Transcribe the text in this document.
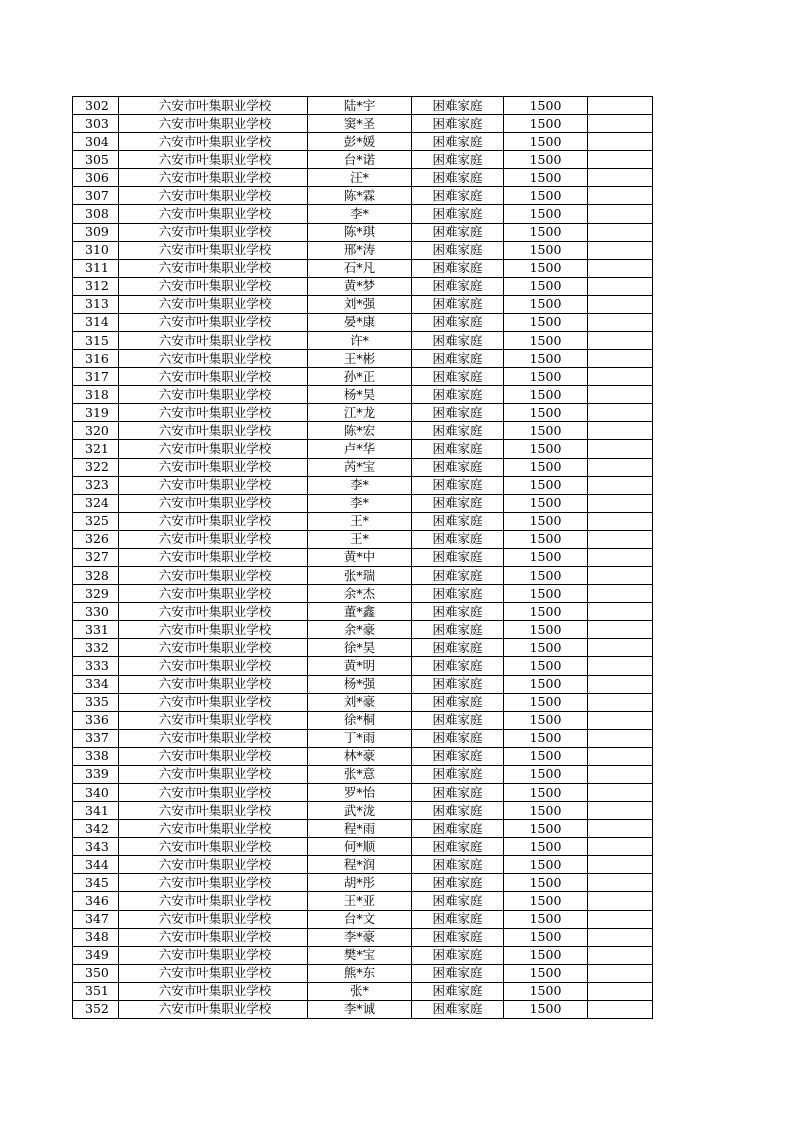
302	六安市叶集职业学校	陆*宇	困难家庭	1500	
303	六安市叶集职业学校	窦*圣	困难家庭	1500	
304	六安市叶集职业学校	彭*媛	困难家庭	1500	
305	六安市叶集职业学校	台*诺	困难家庭	1500	
306	六安市叶集职业学校	汪*	困难家庭	1500	
307	六安市叶集职业学校	陈*霖	困难家庭	1500	
308	六安市叶集职业学校	李*	困难家庭	1500	
309	六安市叶集职业学校	陈*琪	困难家庭	1500	
310	六安市叶集职业学校	邢*涛	困难家庭	1500	
311	六安市叶集职业学校	石*凡	困难家庭	1500	
312	六安市叶集职业学校	黄*梦	困难家庭	1500	
313	六安市叶集职业学校	刘*强	困难家庭	1500	
314	六安市叶集职业学校	晏*康	困难家庭	1500	
315	六安市叶集职业学校	许*	困难家庭	1500	
316	六安市叶集职业学校	王*彬	困难家庭	1500	
317	六安市叶集职业学校	孙*正	困难家庭	1500	
318	六安市叶集职业学校	杨*昊	困难家庭	1500	
319	六安市叶集职业学校	江*龙	困难家庭	1500	
320	六安市叶集职业学校	陈*宏	困难家庭	1500	
321	六安市叶集职业学校	卢*华	困难家庭	1500	
322	六安市叶集职业学校	芮*宝	困难家庭	1500	
323	六安市叶集职业学校	李*	困难家庭	1500	
324	六安市叶集职业学校	李*	困难家庭	1500	
325	六安市叶集职业学校	王*	困难家庭	1500	
326	六安市叶集职业学校	王*	困难家庭	1500	
327	六安市叶集职业学校	黄*中	困难家庭	1500	
328	六安市叶集职业学校	张*瑞	困难家庭	1500	
329	六安市叶集职业学校	余*杰	困难家庭	1500	
330	六安市叶集职业学校	董*鑫	困难家庭	1500	
331	六安市叶集职业学校	余*豪	困难家庭	1500	
332	六安市叶集职业学校	徐*昊	困难家庭	1500	
333	六安市叶集职业学校	黄*明	困难家庭	1500	
334	六安市叶集职业学校	杨*强	困难家庭	1500	
335	六安市叶集职业学校	刘*豪	困难家庭	1500	
336	六安市叶集职业学校	徐*桐	困难家庭	1500	
337	六安市叶集职业学校	丁*雨	困难家庭	1500	
338	六安市叶集职业学校	林*豪	困难家庭	1500	
339	六安市叶集职业学校	张*意	困难家庭	1500	
340	六安市叶集职业学校	罗*怡	困难家庭	1500	
341	六安市叶集职业学校	武*泷	困难家庭	1500	
342	六安市叶集职业学校	程*雨	困难家庭	1500	
343	六安市叶集职业学校	何*顺	困难家庭	1500	
344	六安市叶集职业学校	程*润	困难家庭	1500	
345	六安市叶集职业学校	胡*彤	困难家庭	1500	
346	六安市叶集职业学校	王*亚	困难家庭	1500	
347	六安市叶集职业学校	台*文	困难家庭	1500	
348	六安市叶集职业学校	李*豪	困难家庭	1500	
349	六安市叶集职业学校	樊*宝	困难家庭	1500	
350	六安市叶集职业学校	熊*东	困难家庭	1500	
351	六安市叶集职业学校	张*	困难家庭	1500	
352	六安市叶集职业学校	李*诚	困难家庭	1500	
